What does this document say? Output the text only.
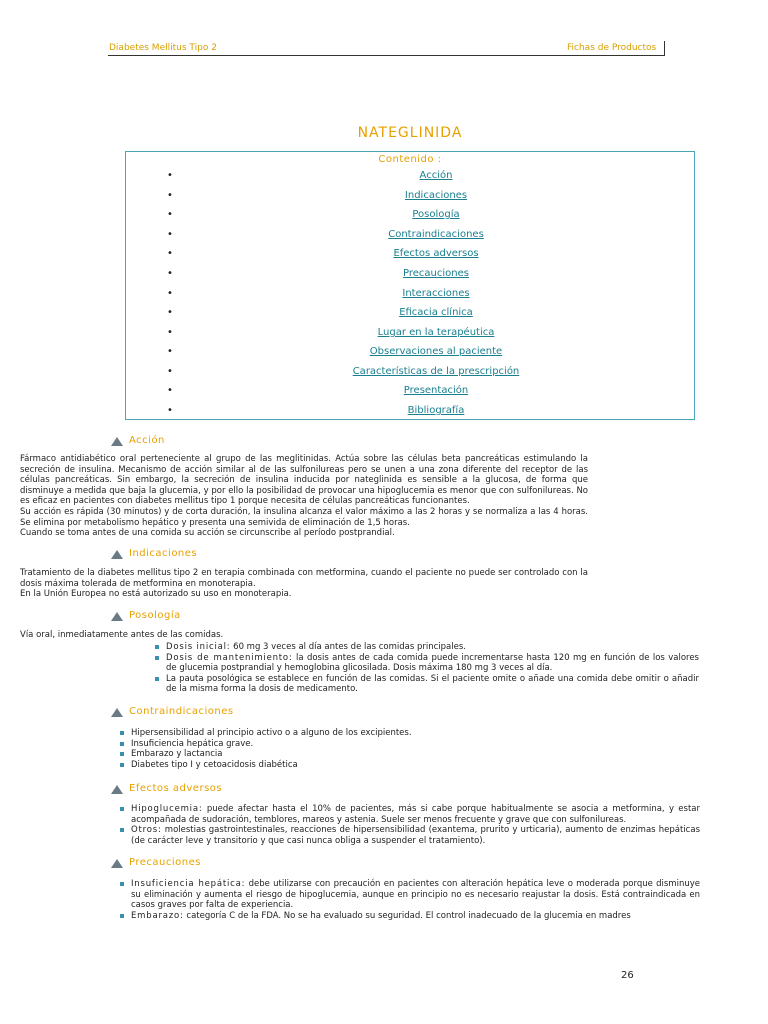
Diabetes Mellitus Tipo 2	Fichas de Productos
NATEGLINIDA
Contenido :
•	Acción
•	Indicaciones
•	Posología
•	Contraindicaciones
•	Efectos adversos
•	Precauciones
•	Interacciones
•	Eficacia clínica
•	Lugar en la terapéutica
•	Observaciones al paciente
•	Características de la prescripción
•	Presentación
•	Bibliografía
Acción
Fármaco antidiabético oral perteneciente al grupo de las meglitinidas. Actúa sobre las células beta pancreáticas estimulando la secreción de insulina. Mecanismo de acción similar al de las sulfonilureas pero se unen a una zona diferente del receptor de las células pancreáticas. Sin embargo, la secreción de insulina inducida por nateglinida es sensible a la glucosa, de forma que disminuye a medida que baja la glucemia, y por ello la posibilidad de provocar una hipoglucemia es menor que con sulfonilureas. No es eficaz en pacientes con diabetes mellitus tipo 1 porque necesita de células pancreáticas funcionantes.
Su acción es rápida (30 minutos) y de corta duración, la insulina alcanza el valor máximo a las 2 horas y se normaliza a las 4 horas. Se elimina por metabolismo hepático y presenta una semivida de eliminación de 1,5 horas.
Cuando se toma antes de una comida su acción se circunscribe al período postprandial.
Indicaciones
Tratamiento de la diabetes mellitus tipo 2 en terapia combinada con metformina, cuando el paciente no puede ser controlado con la dosis máxima tolerada de metformina en monoterapia.
En la Unión Europea no está autorizado su uso en monoterapia.
Posología
Vía oral, inmediatamente antes de las comidas.
Dosis inicial: 60 mg 3 veces al día antes de las comidas principales.
Dosis de mantenimiento: la dosis antes de cada comida puede incrementarse hasta 120 mg en función de los valores de glucemia postprandial y hemoglobina glicosilada. Dosis máxima 180 mg 3 veces al día.
La pauta posológica se establece en función de las comidas. Si el paciente omite o añade una comida debe omitir o añadir de la misma forma la dosis de medicamento.
Contraindicaciones
Hipersensibilidad al principio activo o a alguno de los excipientes.
Insuficiencia hepática grave.
Embarazo y lactancia
Diabetes tipo I y cetoacidosis diabética
Efectos adversos
Hipoglucemia: puede afectar hasta el 10% de pacientes, más si cabe porque habitualmente se asocia a metformina, y estar acompañada de sudoración, temblores, mareos y astenia. Suele ser menos frecuente y grave que con sulfonilureas.
Otros: molestias gastrointestinales, reacciones de hipersensibilidad (exantema, prurito y urticaria), aumento de enzimas hepáticas (de carácter leve y transitorio y que casi nunca obliga a suspender el tratamiento).
Precauciones
Insuficiencia hepática: debe utilizarse con precaución en pacientes con alteración hepática leve o moderada porque disminuye su eliminación y aumenta el riesgo de hipoglucemia, aunque en principio no es necesario reajustar la dosis. Está contraindicada en casos graves por falta de experiencia.
Embarazo: categoría C de la FDA. No se ha evaluado su seguridad. El control inadecuado de la glucemia en madres
26
